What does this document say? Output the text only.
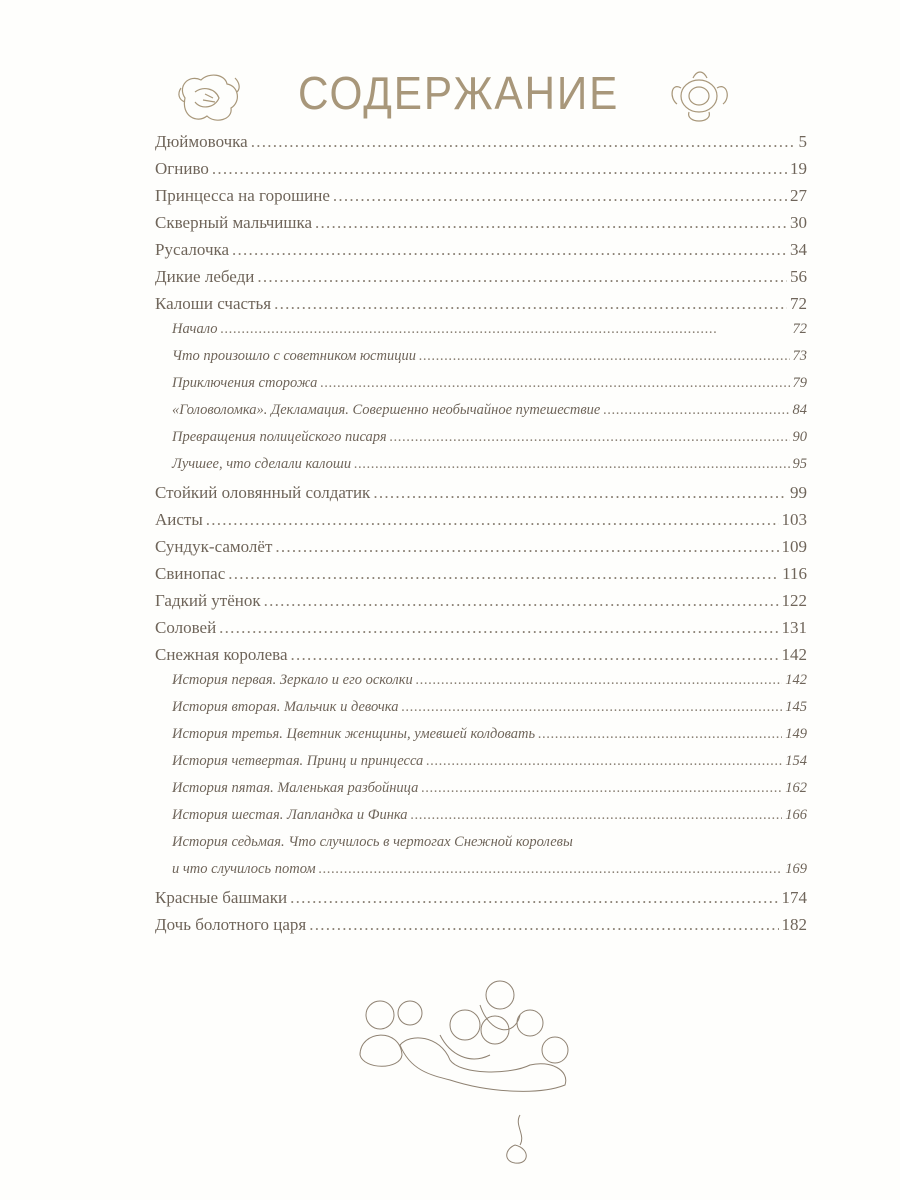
СОДЕРЖАНИЕ
Дюймовочка . . .	5
Огниво . . .	19
Принцесса на горошине . . .	27
Скверный мальчишка . . .	30
Русалочка . . .	34
Дикие лебеди . . .	56
Калоши счастья . . .	72
Начало . . .	72
Что произошло с советником юстиции . . .	73
Приключения сторожа . . .	79
«Головоломка». Декламация. Совершенно необычайное путешествие . . .	84
Превращения полицейского писаря . . .	90
Лучшее, что сделали калоши . . .	95
Стойкий оловянный солдатик . . .	99
Аисты . . .	103
Сундук-самолёт . . .	109
Свинопас . . .	116
Гадкий утёнок . . .	122
Соловей . . .	131
Снежная королева . . .	142
История первая. Зеркало и его осколки . . .	142
История вторая. Мальчик и девочка . . .	145
История третья. Цветник женщины, умевшей колдовать . . .	149
История четвертая. Принц и принцесса . . .	154
История пятая. Маленькая разбойница . . .	162
История шестая. Лапландка и Финка . . .	166
История седьмая. Что случилось в чертогах Снежной королевы
и что случилось потом . . .	169
Красные башмаки . . .	174
Дочь болотного царя . . .	182
